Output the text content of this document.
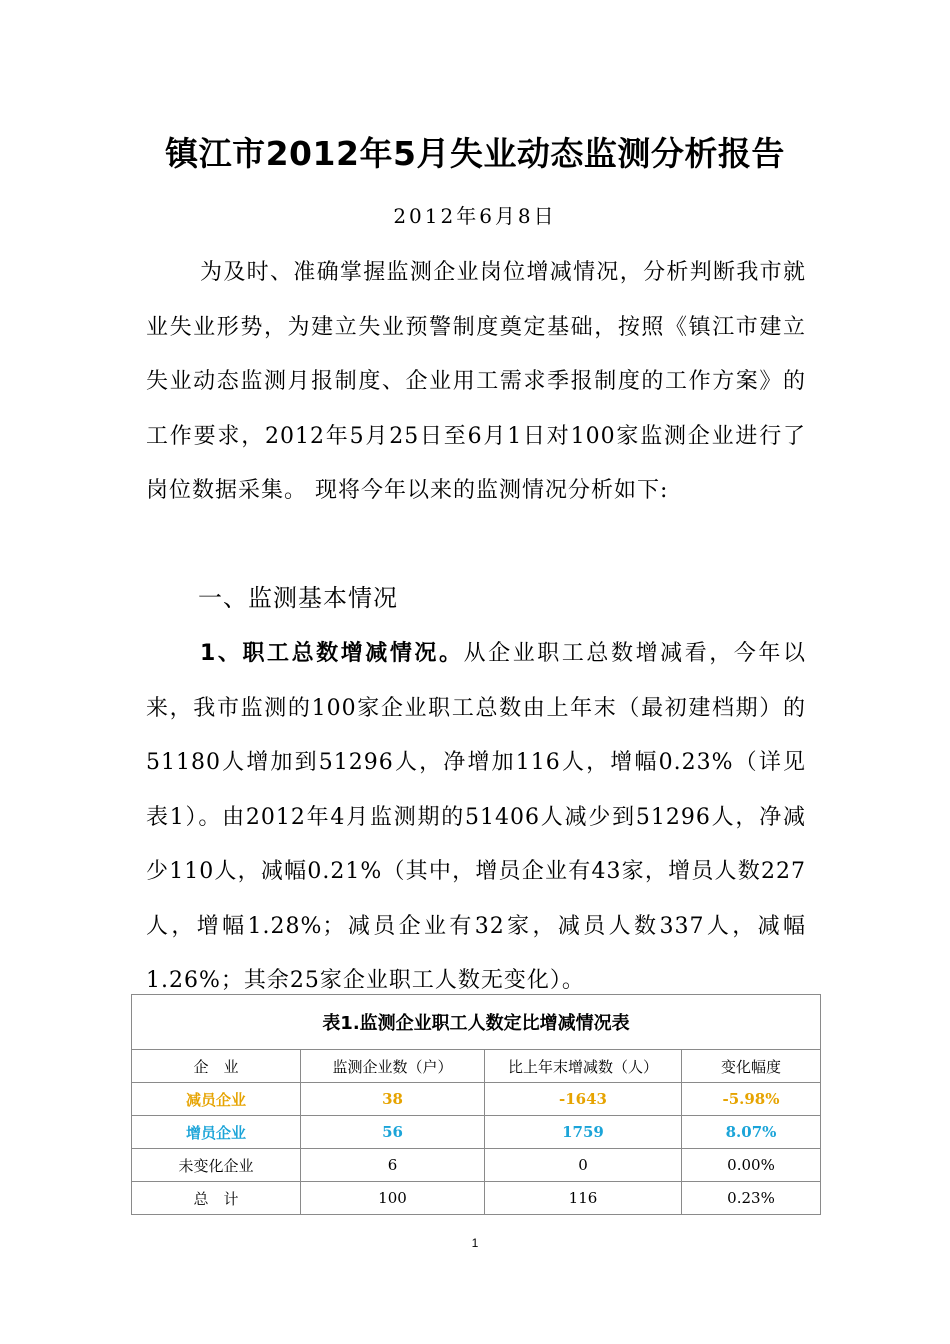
镇江市2012年5月失业动态监测分析报告
2012年6月8日
为及时、准确掌握监测企业岗位增减情况，分析判断我市就业失业形势，为建立失业预警制度奠定基础，按照《镇江市建立失业动态监测月报制度、企业用工需求季报制度的工作方案》的工作要求，2012年5月25日至6月1日对100家监测企业进行了岗位数据采集。 现将今年以来的监测情况分析如下:
一、监测基本情况
1、职工总数增减情况。从企业职工总数增减看，今年以来，我市监测的100家企业职工总数由上年末（最初建档期）的51180人增加到51296人，净增加116人，增幅0.23%（详见表1）。由2012年4月监测期的51406人减少到51296人，净减少110人，减幅0.21%（其中，增员企业有43家，增员人数227人，增幅1.28%；减员企业有32家，减员人数337人，减幅1.26%；其余25家企业职工人数无变化）。
表1.监测企业职工人数定比增减情况表			
企　业	监测企业数（户）	比上年末增减数（人）	变化幅度
减员企业	38	-1643	-5.98%
增员企业	56	1759	8.07%
未变化企业	6	0	0.00%
总　计	100	116	0.23%
1
